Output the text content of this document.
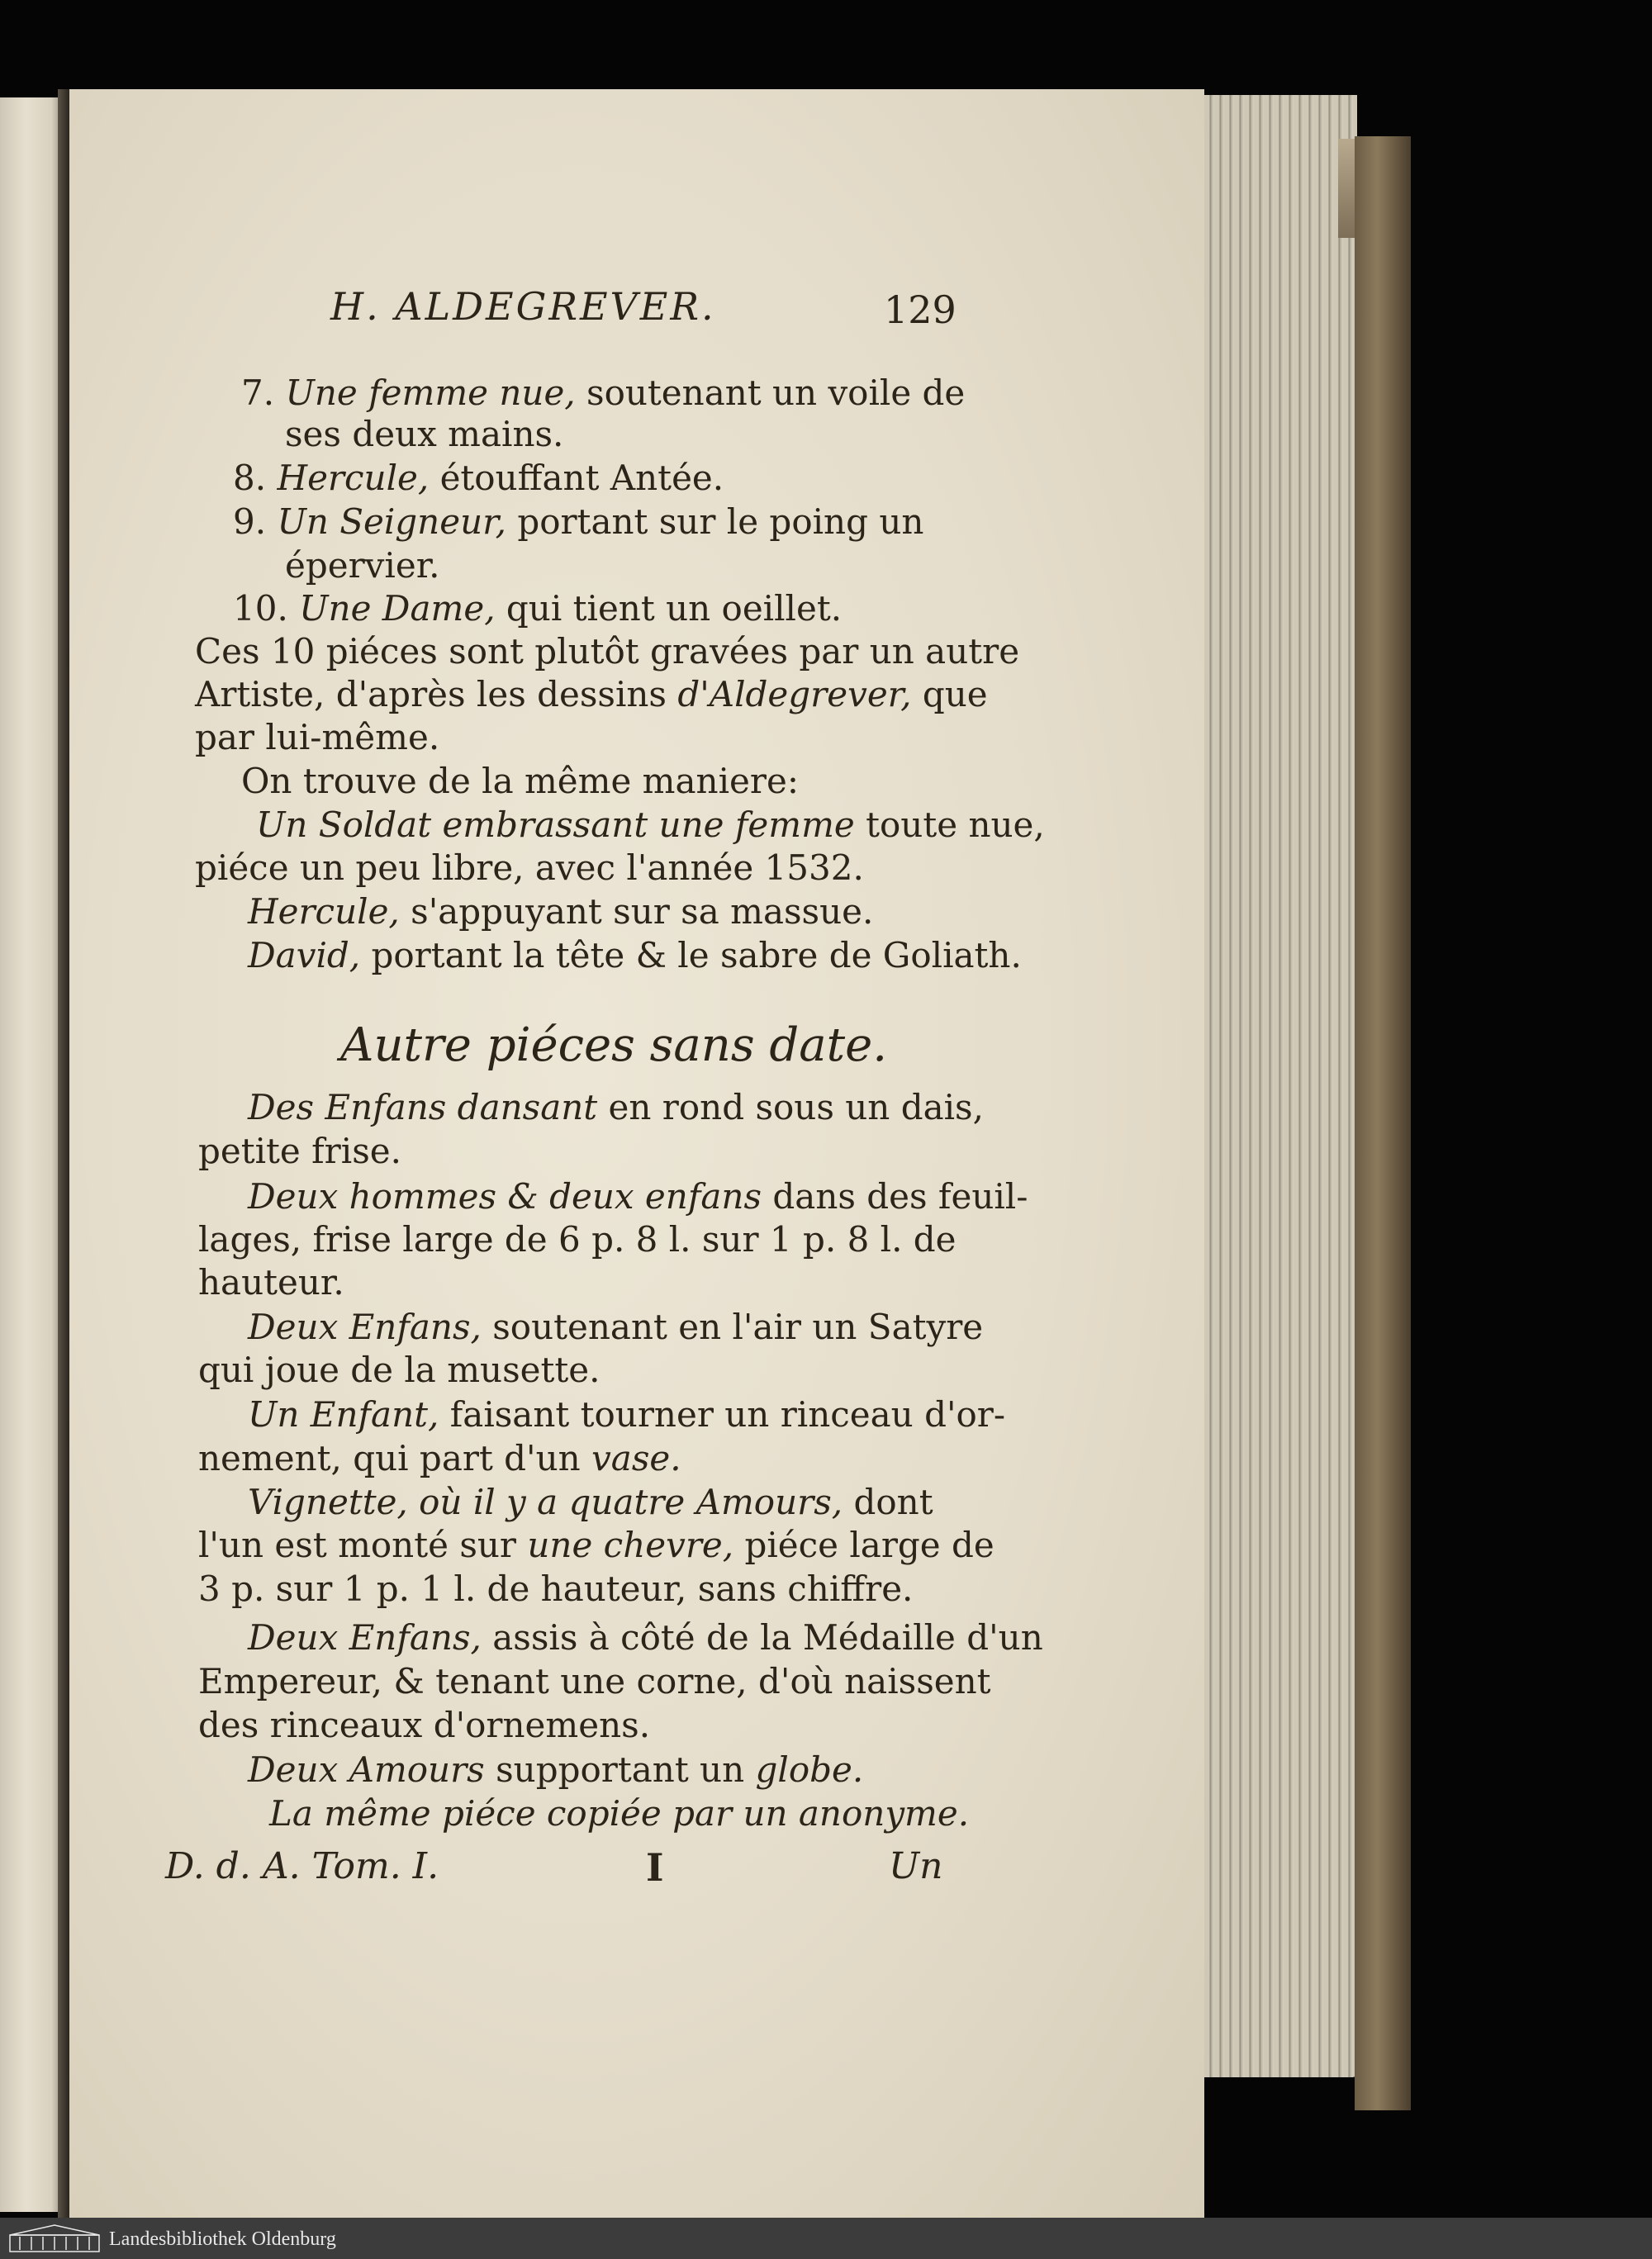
H. ALDEGREVER.	129
7. Une femme nue, soutenant un voile de
ses deux mains.
8. Hercule, étouffant Antée.
9. Un Seigneur, portant sur le poing un
épervier.
10. Une Dame, qui tient un oeillet.
Ces 10 piéces sont plutôt gravées par un autre
Artiste, d'après les dessins d'Aldegrever, que
par lui-même.
On trouve de la même maniere:
Un Soldat embrassant une femme toute nue,
piéce un peu libre, avec l'année 1532.
Hercule, s'appuyant sur sa massue.
David, portant la tête & le sabre de Goliath.
Autre piéces sans date.
Des Enfans dansant en rond sous un dais,
petite frise.
Deux hommes & deux enfans dans des feuil-
lages, frise large de 6 p. 8 l. sur 1 p. 8 l. de
hauteur.
Deux Enfans, soutenant en l'air un Satyre
qui joue de la musette.
Un Enfant, faisant tourner un rinceau d'or-
nement, qui part d'un vase.
Vignette, où il y a quatre Amours, dont
l'un est monté sur une chevre, piéce large de
3 p. sur 1 p. 1 l. de hauteur, sans chiffre.
Deux Enfans, assis à côté de la Médaille d'un
Empereur, & tenant une corne, d'où naissent
des rinceaux d'ornemens.
Deux Amours supportant un globe.
La même piéce copiée par un anonyme.
D. d. A. Tom. I.	I	Un
Landesbibliothek Oldenburg
